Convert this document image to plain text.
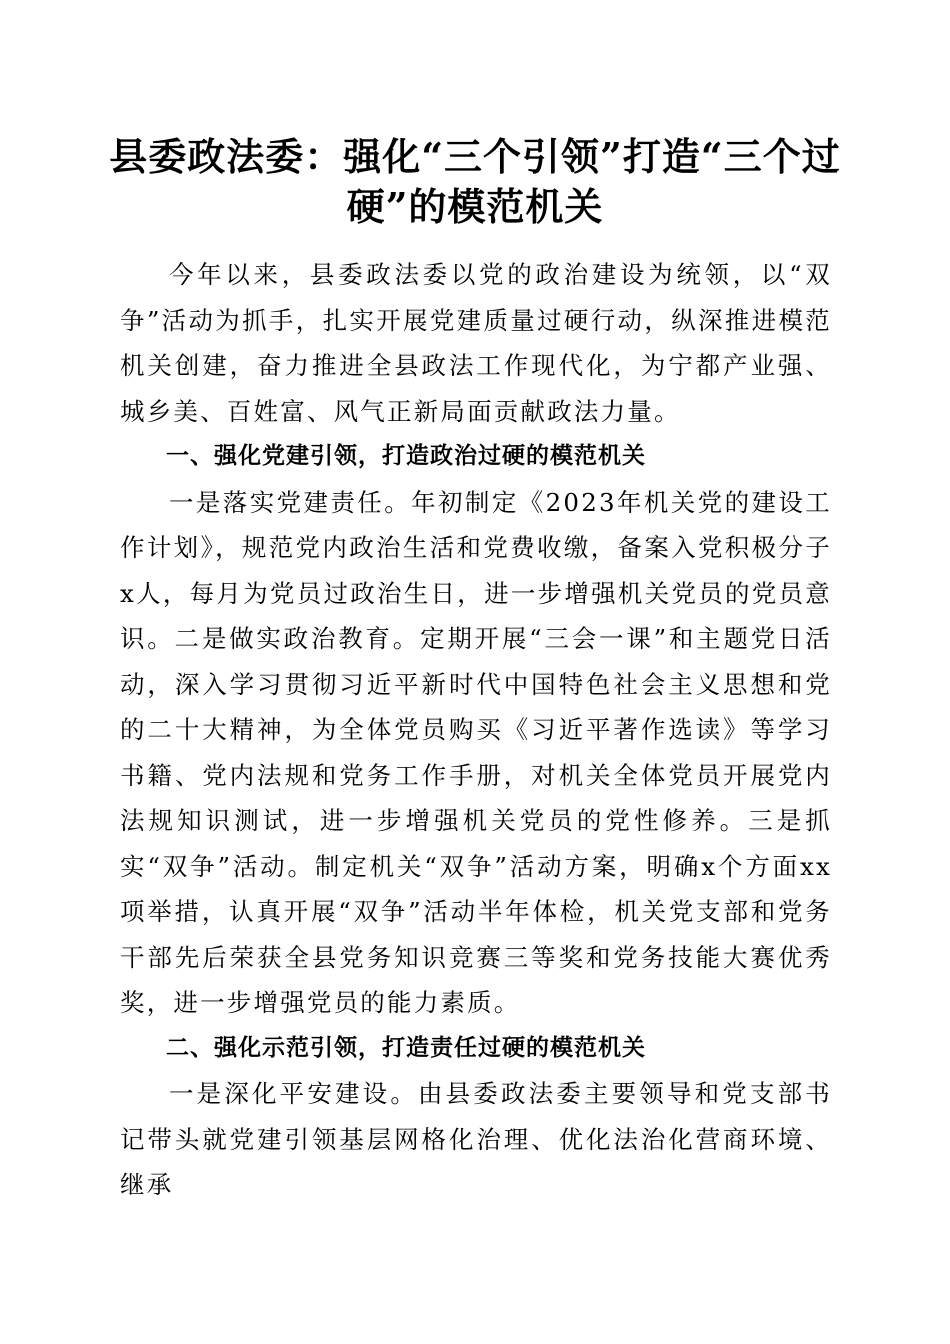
县委政法委：强化“三个引领”打造“三个过
硬”的模范机关

今年以来，县委政法委以党的政治建设为统领，以“双争”活动为抓手，扎实开展党建质量过硬行动，纵深推进模范机关创建，奋力推进全县政法工作现代化，为宁都产业强、城乡美、百姓富、风气正新局面贡献政法力量。

一、强化党建引领，打造政治过硬的模范机关

一是落实党建责任。年初制定《2023年机关党的建设工作计划》，规范党内政治生活和党费收缴，备案入党积极分子x人，每月为党员过政治生日，进一步增强机关党员的党员意识。二是做实政治教育。定期开展“三会一课”和主题党日活动，深入学习贯彻习近平新时代中国特色社会主义思想和党的二十大精神，为全体党员购买《习近平著作选读》等学习书籍、党内法规和党务工作手册，对机关全体党员开展党内法规知识测试，进一步增强机关党员的党性修养。三是抓实“双争”活动。制定机关“双争”活动方案，明确x个方面xx项举措，认真开展“双争”活动半年体检，机关党支部和党务干部先后荣获全县党务知识竞赛三等奖和党务技能大赛优秀奖，进一步增强党员的能力素质。

二、强化示范引领，打造责任过硬的模范机关

一是深化平安建设。由县委政法委主要领导和党支部书记带头就党建引领基层网格化治理、优化法治化营商环境、继承
